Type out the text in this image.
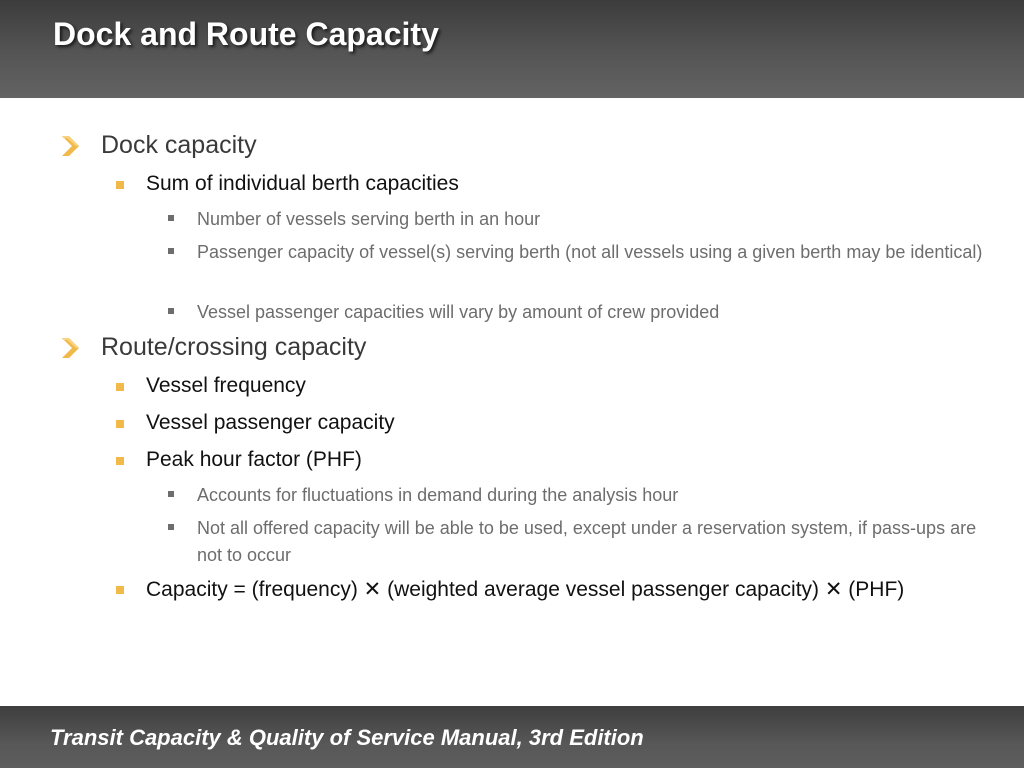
Dock and Route Capacity

Dock capacity

Sum of individual berth capacities

Number of vessels serving berth in an hour

Passenger capacity of vessel(s) serving berth (not all vessels using a given berth may be identical)

Vessel passenger capacities will vary by amount of crew provided

Route/crossing capacity

Vessel frequency

Vessel passenger capacity

Peak hour factor (PHF)

Accounts for fluctuations in demand during the analysis hour

Not all offered capacity will be able to be used, except under a reservation system, if pass-ups are not to occur

Capacity = (frequency) ✕ (weighted average vessel passenger capacity) ✕ (PHF)

Transit Capacity & Quality of Service Manual, 3rd Edition
